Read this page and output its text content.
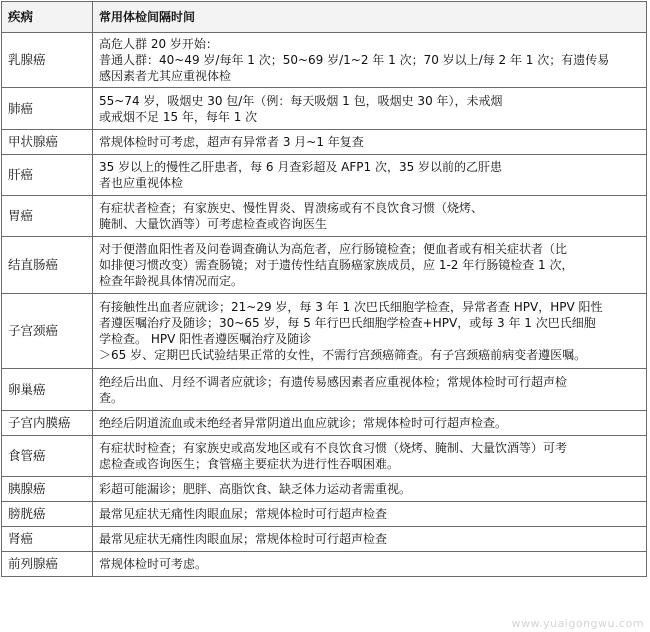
疾病	常用体检间隔时间
乳腺癌	高危人群 20 岁开始：
普通人群：40~49 岁/每年 1 次；50~69 岁/1~2 年 1 次；70 岁以上/每 2 年 1 次；有遗传易
感因素者尤其应重视体检

肺癌	55~74 岁，吸烟史 30 包/年（例：每天吸烟 1 包，吸烟史 30 年），未戒烟
或戒烟不足 15 年，每年 1 次

甲状腺癌	常规体检时可考虑，超声有异常者 3 月~1 年复查

肝癌	35 岁以上的慢性乙肝患者，每 6 月查彩超及 AFP1 次，35 岁以前的乙肝患
者也应重视体检

胃癌	有症状者检查；有家族史、慢性胃炎、胃溃疡或有不良饮食习惯（烧烤、
腌制、大量饮酒等）可考虑检查或咨询医生

结直肠癌	对于便潜血阳性者及问卷调查确认为高危者，应行肠镜检查；便血者或有相关症状者（比
如排便习惯改变）需查肠镜；对于遗传性结直肠癌家族成员，应 1-2 年行肠镜检查 1 次，
检查年龄视具体情况而定。

子宫颈癌	有接触性出血者应就诊；21~29 岁，每 3 年 1 次巴氏细胞学检查，异常者查 HPV，HPV 阳性
者遵医嘱治疗及随诊；30~65 岁，每 5 年行巴氏细胞学检查+HPV，或每 3 年 1 次巴氏细胞
学检查。 HPV 阳性者遵医嘱治疗及随诊
＞65 岁、定期巴氏试验结果正常的女性，不需行宫颈癌筛查。有子宫颈癌前病变者遵医嘱。

卵巢癌	绝经后出血、月经不调者应就诊；有遗传易感因素者应重视体检；常规体检时可行超声检
查。

子宫内膜癌	绝经后阴道流血或未绝经者异常阴道出血应就诊；常规体检时可行超声检查。

食管癌	有症状时检查；有家族史或高发地区或有不良饮食习惯（烧烤、腌制、大量饮酒等）可考
虑检查或咨询医生；食管癌主要症状为进行性吞咽困难。

胰腺癌	彩超可能漏诊；肥胖、高脂饮食、缺乏体力运动者需重视。

膀胱癌	最常见症状无痛性肉眼血尿；常规体检时可行超声检查

肾癌	最常见症状无痛性肉眼血尿；常规体检时可行超声检查

前列腺癌	常规体检时可考虑。
www.yuaigongwu.com
